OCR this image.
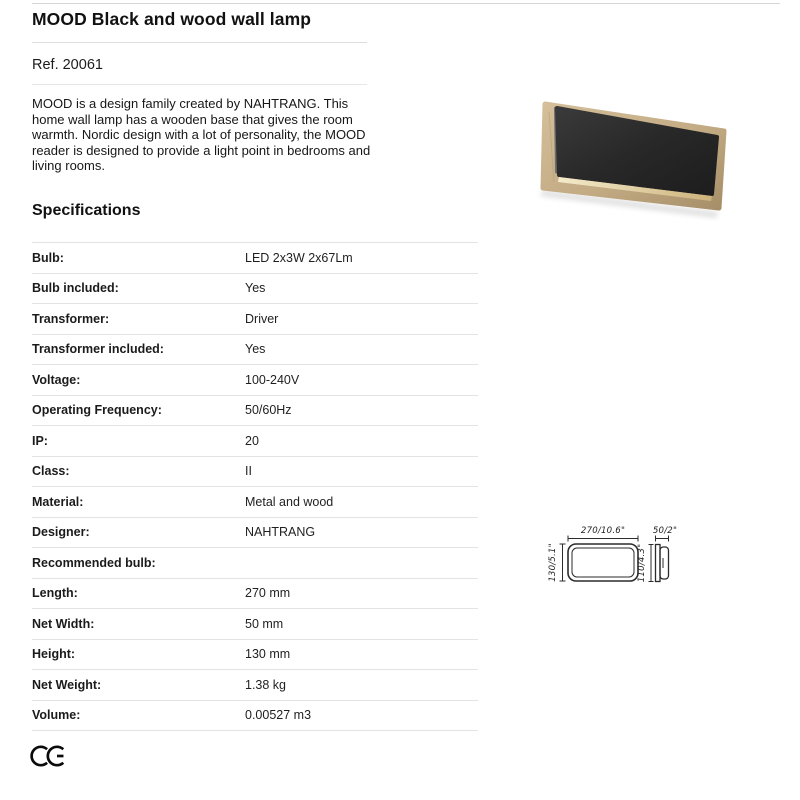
MOOD Black and wood wall lamp
Ref. 20061

MOOD is a design family created by NAHTRANG. This home wall lamp has a wooden base that gives the room warmth. Nordic design with a lot of personality, the MOOD reader is designed to provide a light point in bedrooms and living rooms.

Specifications
Bulb:	LED 2x3W 2x67Lm
Bulb included:	Yes
Transformer:	Driver
Transformer included:	Yes
Voltage:	100-240V
Operating Frequency:	50/60Hz
IP:	20
Class:	II
Material:	Metal and wood
Designer:	NAHTRANG
Recommended bulb:
Length:	270 mm
Net Width:	50 mm
Height:	130 mm
Net Weight:	1.38 kg
Volume:	0.00527 m3
270/10.6"
130/5.1"
50/2"
110/4.3"
